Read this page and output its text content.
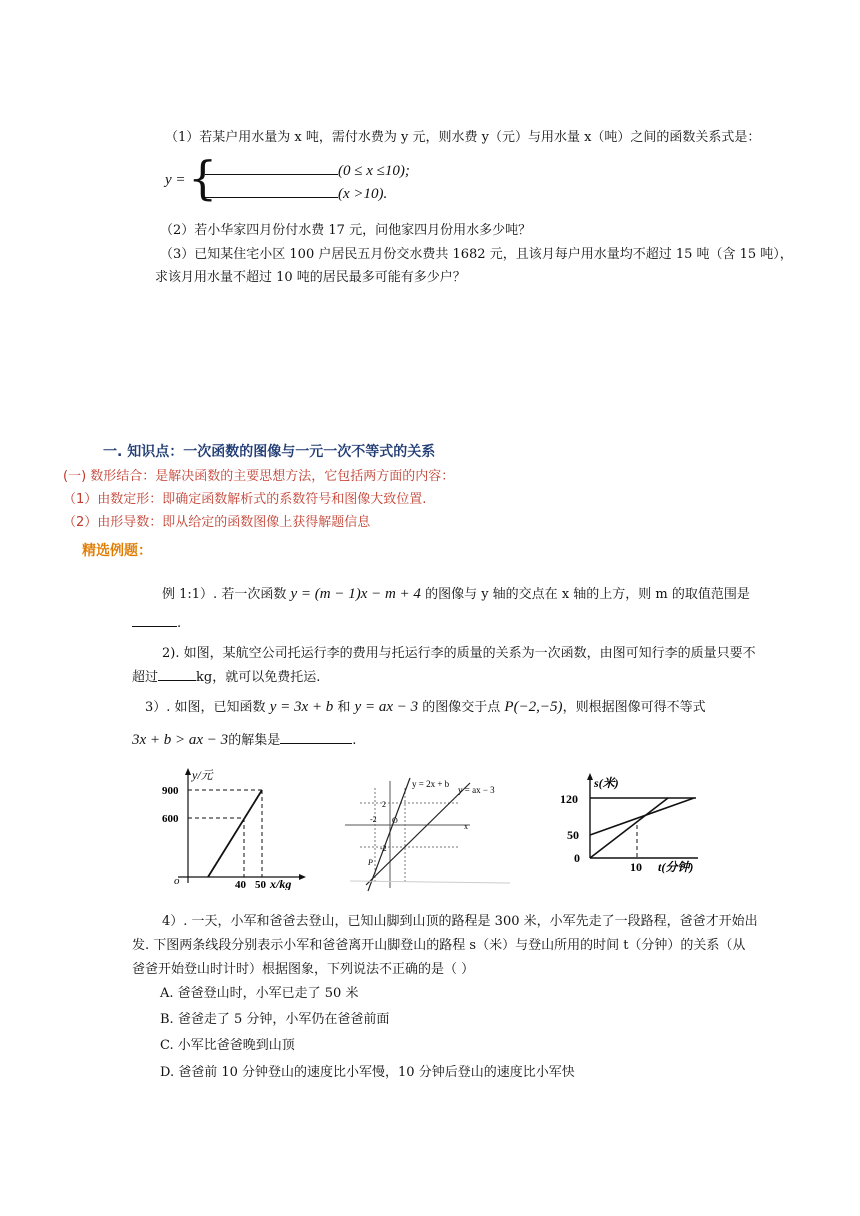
（1）若某户用水量为 x 吨，需付水费为 y 元，则水费 y（元）与用水量 x（吨）之间的函数关系式是：
y = {	(0 ≤ x ≤10);
(x >10).
（2）若小华家四月份付水费 17 元，问他家四月份用水多少吨？
（3）已知某住宅小区 100 户居民五月份交水费共 1682 元，且该月每户用水量均不超过 15 吨（含 15 吨），
求该月用水量不超过 10 吨的居民最多可能有多少户？
一. 知识点：一次函数的图像与一元一次不等式的关系
(一) 数形结合：是解决函数的主要思想方法，它包括两方面的内容：
（1）由数定形：即确定函数解析式的系数符号和图像大致位置.
（2）由形导数：即从给定的函数图像上获得解题信息
精选例题：
例 1:1）. 若一次函数 y = (m − 1)x − m + 4 的图像与 y 轴的交点在 x 轴的上方，则 m 的取值范围是
.
2). 如图，某航空公司托运行李的费用与托运行李的质量的关系为一次函数，由图可知行李的质量只要不
超过	kg，就可以免费托运.
3）. 如图，已知函数 y = 3x + b 和 y = ax − 3 的图像交于点 P(−2,−5)，则根据图像可得不等式
3x + b > ax − 3的解集是	.
y/元
900
600
o	40 50 x/kg
y = 2x + b
y = ax − 3
2
-2
-2
O
P
x
s(米)
120
50
0
10 t(分钟)
4）. 一天，小军和爸爸去登山，已知山脚到山顶的路程是 300 米，小军先走了一段路程，爸爸才开始出
发. 下图两条线段分别表示小军和爸爸离开山脚登山的路程 s（米）与登山所用的时间 t（分钟）的关系（从
爸爸开始登山时计时）根据图象，下列说法不正确的是（ ）
A. 爸爸登山时，小军已走了 50 米
B. 爸爸走了 5 分钟，小军仍在爸爸前面
C. 小军比爸爸晚到山顶
D. 爸爸前 10 分钟登山的速度比小军慢，10 分钟后登山的速度比小军快
